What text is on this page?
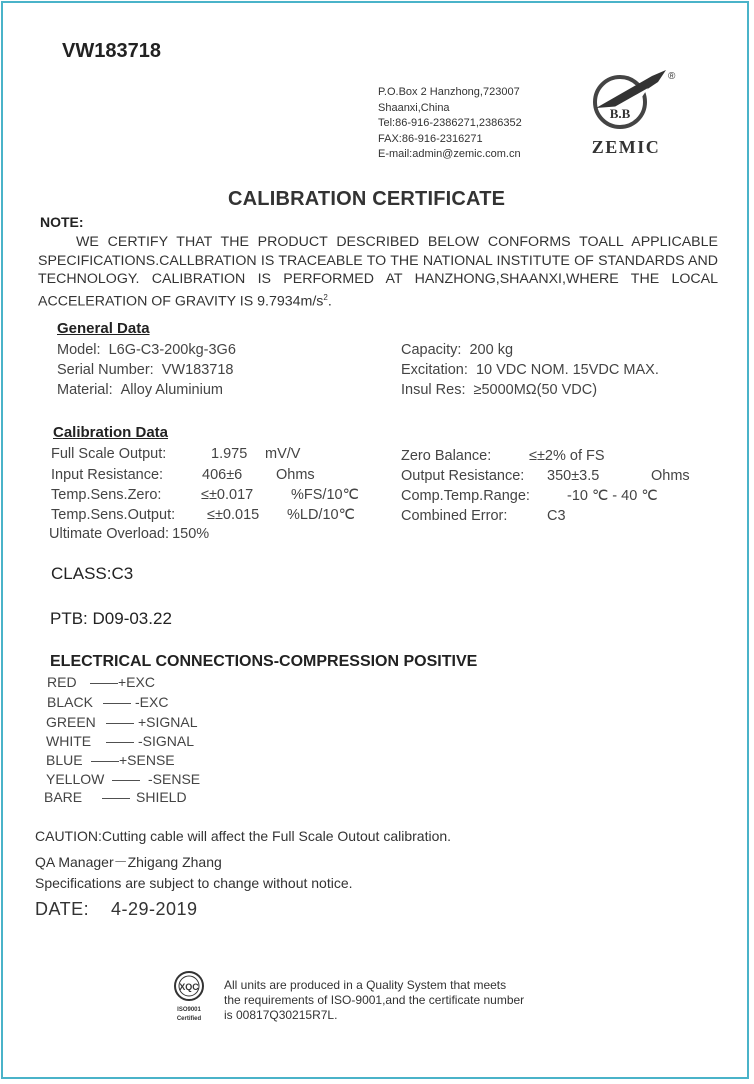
VW183718
P.O.Box 2 Hanzhong,723007
Shaanxi,China
Tel:86-916-2386271,2386352
FAX:86-916-2316271
E-mail:admin@zemic.com.cn
B.B
®
ZEMIC
CALIBRATION CERTIFICATE
NOTE:

WE CERTIFY THAT THE PRODUCT DESCRIBED BELOW CONFORMS TOALL APPLICABLE SPECIFICATIONS.CALLBRATION IS TRACEABLE TO THE NATIONAL INSTITUTE OF STANDARDS AND TECHNOLOGY. CALIBRATION IS PERFORMED AT HANZHONG,SHAANXI,WHERE THE LOCAL ACCELERATION OF GRAVITY IS $9.7934m/s^2$.

General Data
Model: L6G-C3-200kg-3G6
Serial Number: VW183718
Material: Alloy Aluminium
Capacity: 200 kg
Excitation: 10 VDC NOM. 15VDC MAX.
Insul Res: ≥5000MΩ(50 VDC)
Calibration Data
Full Scale Output:	1.975 mV/V
Input Resistance:	406±6 Ohms
Temp.Sens.Zero:	≤±0.017	%FS/10℃
Temp.Sens.Output: ≤±0.015 %LD/10℃
Ultimate Overload: 150%
Zero Balance:	≤±2% of FS
Output Resistance: 350±3.5	Ohms
Comp.Temp.Range:	-10 ℃ - 40 ℃
Combined Error:	C3
CLASS:C3
PTB: D09-03.22
ELECTRICAL CONNECTIONS-COMPRESSION POSITIVE
RED ——+EXC
BLACK —— -EXC
GREEN —— +SIGNAL
WHITE —— -SIGNAL
BLUE ——+SENSE
YELLOW —— -SENSE
BARE —— SHIELD
CAUTION:Cutting cable will affect the Full Scale Outout calibration.
QA Manager－Zhigang Zhang
Specifications are subject to change without notice.
DATE: 4-29-2019
XQC
ISO9001
Certified
All units are produced in a Quality System that meets
the requirements of ISO-9001,and the certificate number
is 00817Q30215R7L.
